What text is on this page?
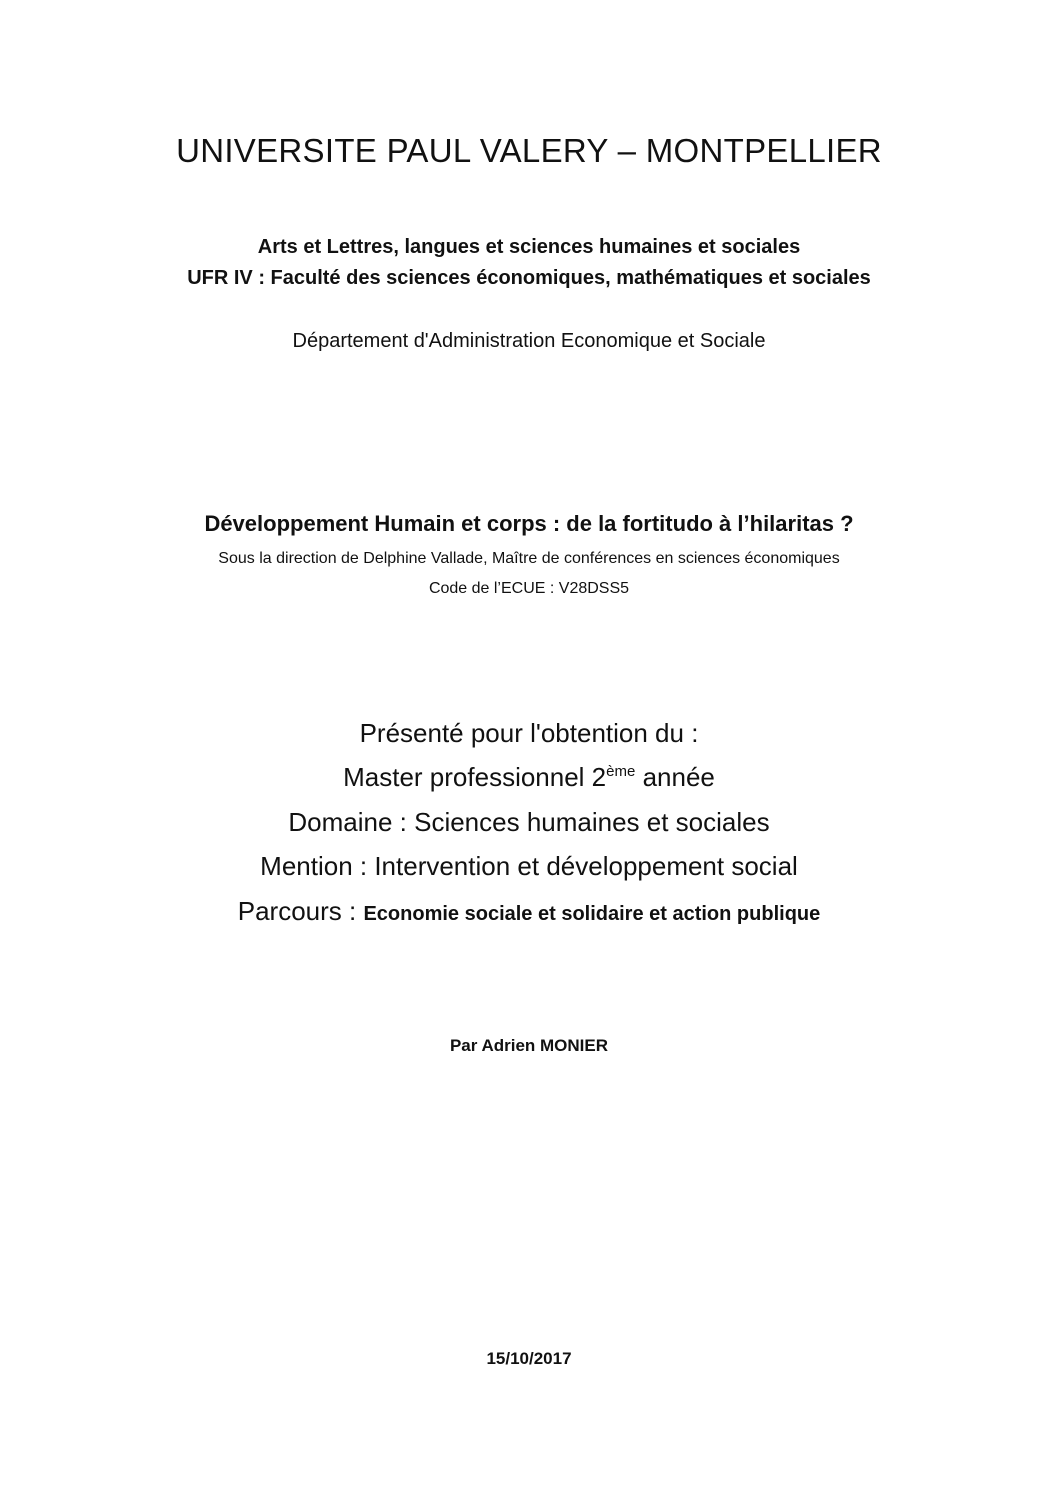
UNIVERSITE PAUL VALERY – MONTPELLIER
Arts et Lettres, langues et sciences humaines et sociales
UFR IV : Faculté des sciences économiques, mathématiques et sociales
Département d'Administration Economique et Sociale
Développement Humain et corps : de la fortitudo à l’hilaritas ?
Sous la direction de Delphine Vallade, Maître de conférences en sciences économiques
Code de l’ECUE : V28DSS5
Présenté pour l'obtention du :
Master professionnel 2ème année
Domaine : Sciences humaines et sociales
Mention : Intervention et développement social
Parcours : Economie sociale et solidaire et action publique
Par Adrien MONIER
15/10/2017
